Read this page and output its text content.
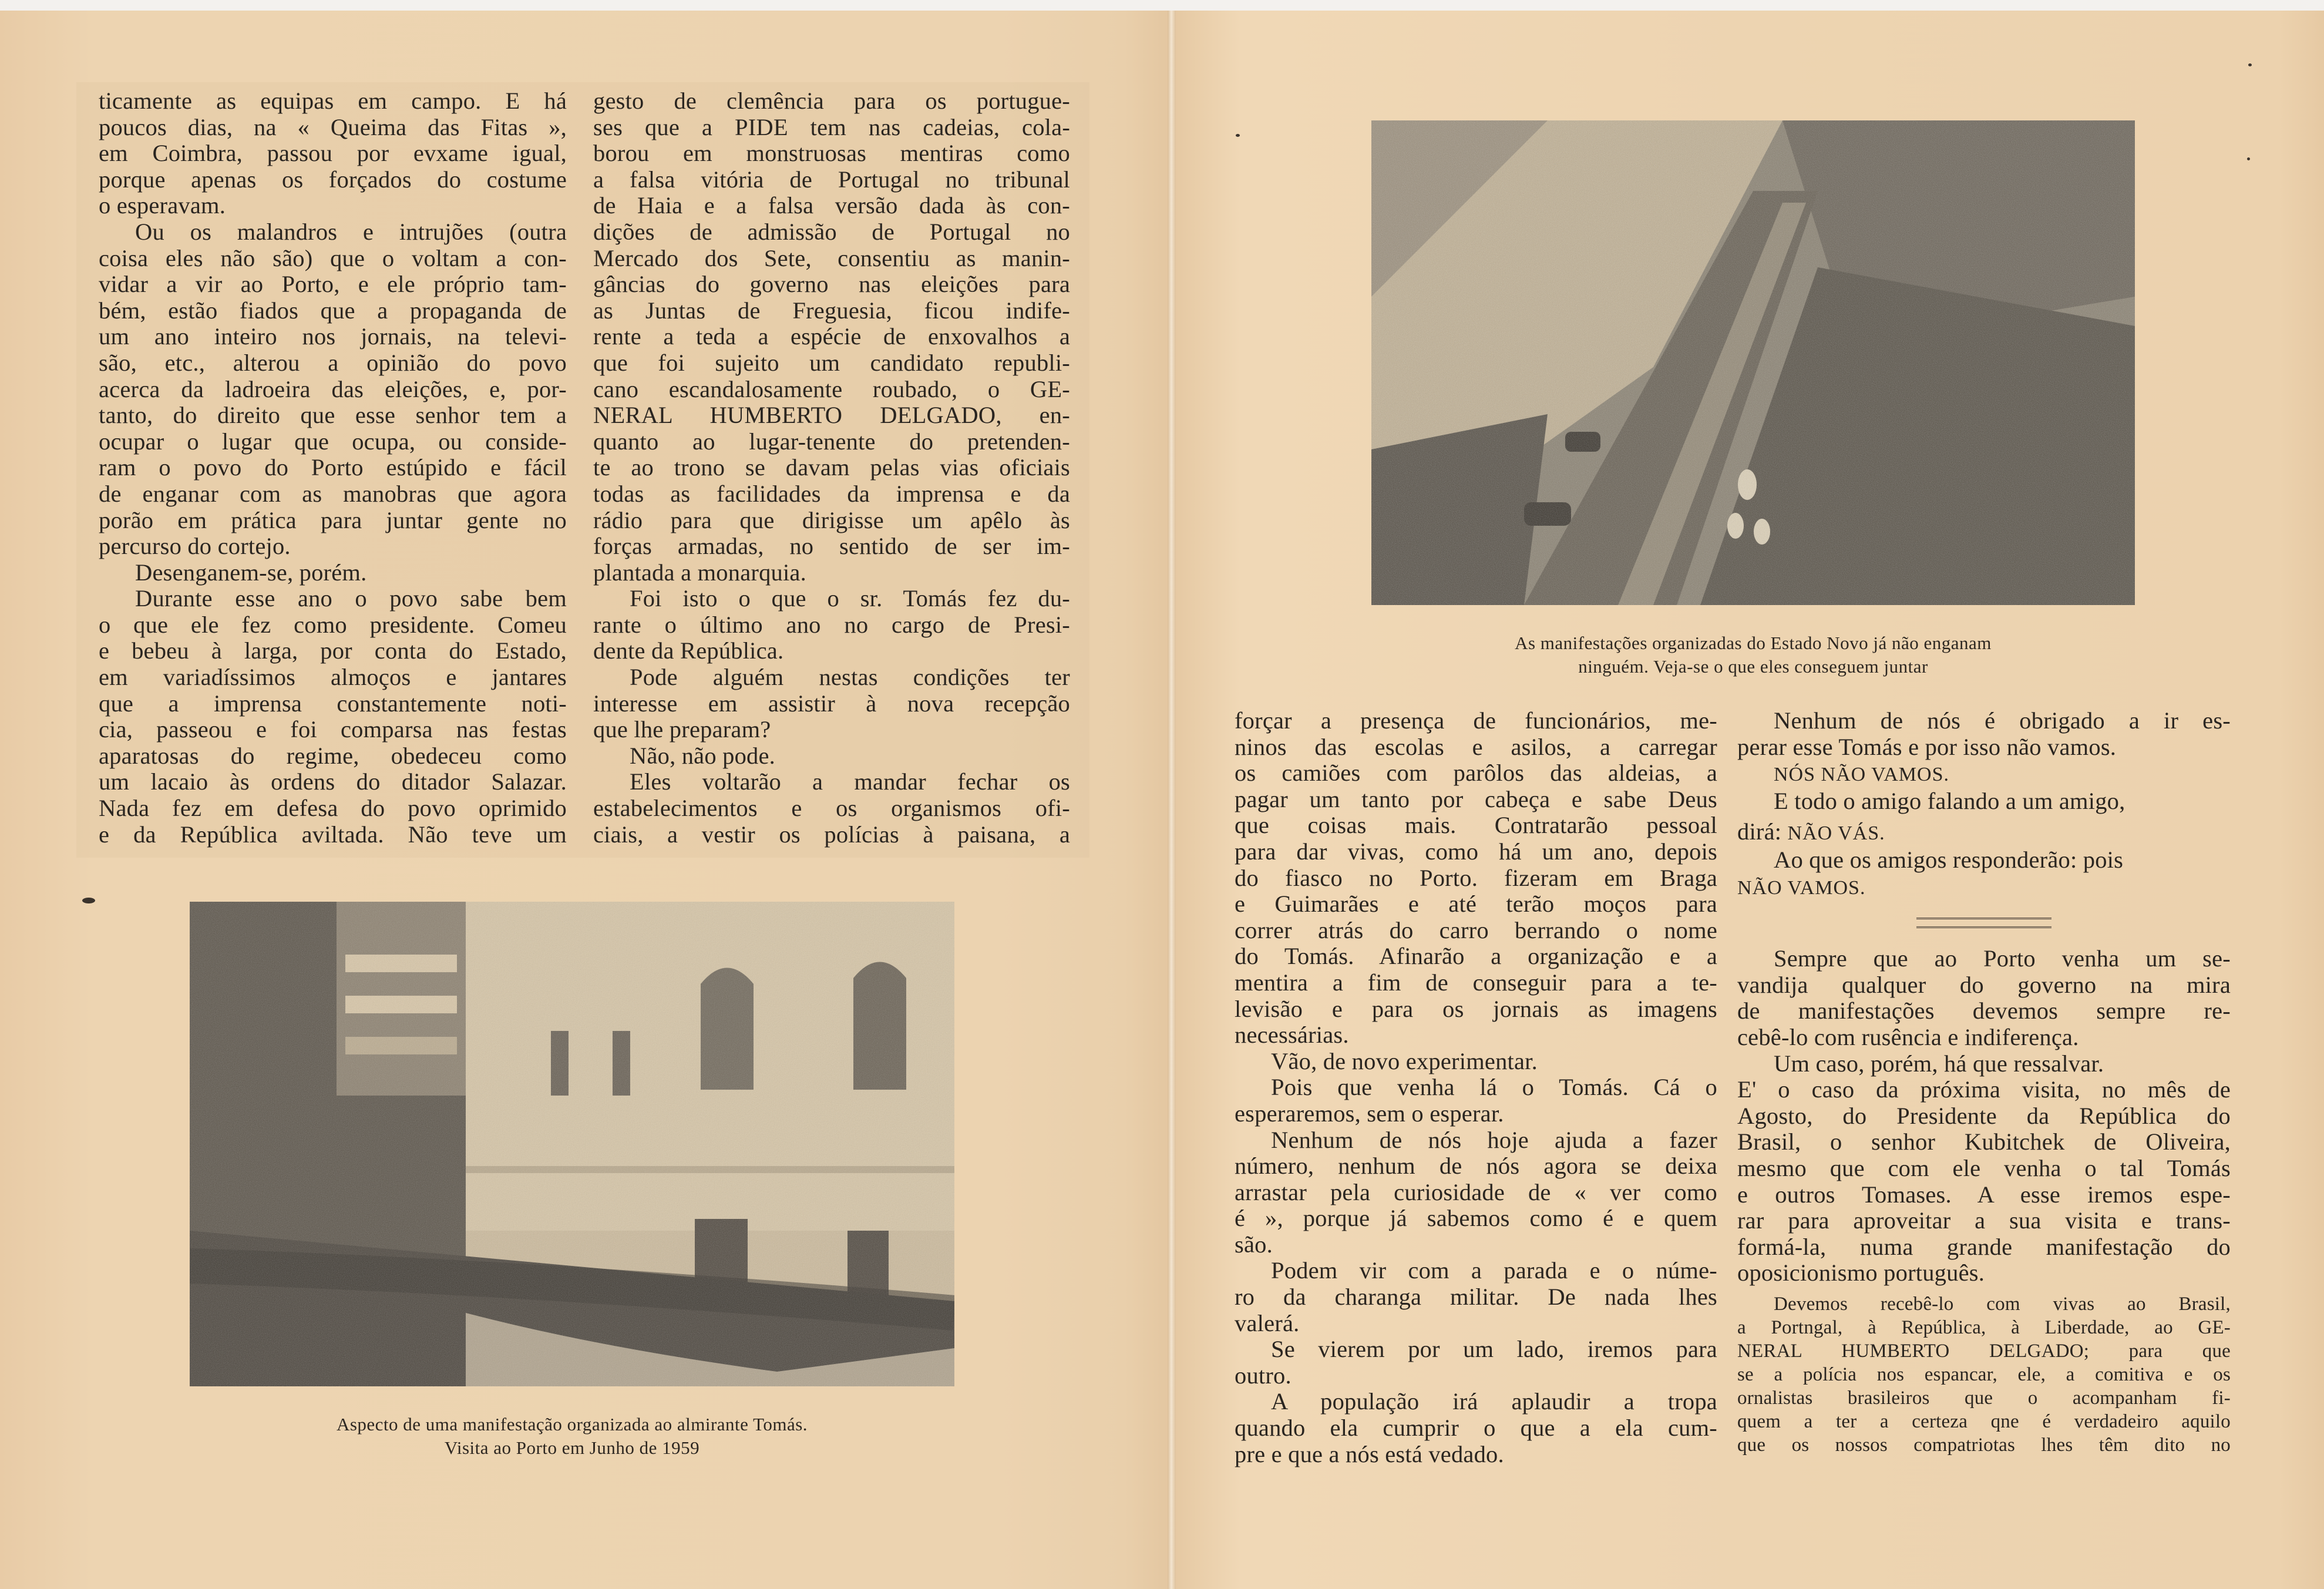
ticamente as equipas em campo. E há
poucos dias, na « Queima das Fitas »,
em Coimbra, passou por evxame igual,
porque apenas os forçados do costume
o esperavam.
Ou os malandros e intrujões (outra
coisa eles não são) que o voltam a con-
vidar a vir ao Porto, e ele próprio tam-
bém, estão fiados que a propaganda de
um ano inteiro nos jornais, na televi-
são, etc., alterou a opinião do povo
acerca da ladroeira das eleições, e, por-
tanto, do direito que esse senhor tem a
ocupar o lugar que ocupa, ou conside-
ram o povo do Porto estúpido e fácil
de enganar com as manobras que agora
porão em prática para juntar gente no
percurso do cortejo.
Desenganem-se, porém.
Durante esse ano o povo sabe bem
o que ele fez como presidente. Comeu
e bebeu à larga, por conta do Estado,
em variadíssimos almoços e jantares
que a imprensa constantemente noti-
cia, passeou e foi comparsa nas festas
aparatosas do regime, obedeceu como
um lacaio às ordens do ditador Salazar.
Nada fez em defesa do povo oprimido
e da República aviltada. Não teve um
gesto de clemência para os portugue-
ses que a PIDE tem nas cadeias, cola-
borou em monstruosas mentiras como
a falsa vitória de Portugal no tribunal
de Haia e a falsa versão dada às con-
dições de admissão de Portugal no
Mercado dos Sete, consentiu as manin-
gâncias do governo nas eleições para
as Juntas de Freguesia, ficou indife-
rente a teda a espécie de enxovalhos a
que foi sujeito um candidato republi-
cano escandalosamente roubado, o GE-
NERAL HUMBERTO DELGADO, en-
quanto ao lugar-tenente do pretenden-
te ao trono se davam pelas vias oficiais
todas as facilidades da imprensa e da
rádio para que dirigisse um apêlo às
forças armadas, no sentido de ser im-
plantada a monarquia.
Foi isto o que o sr. Tomás fez du-
rante o último ano no cargo de Presi-
dente da República.
Pode alguém nestas condições ter
interesse em assistir à nova recepção
que lhe preparam?
Não, não pode.
Eles voltarão a mandar fechar os
estabelecimentos e os organismos ofi-
ciais, a vestir os polícias à paisana, a
Aspecto de uma manifestação organizada ao almirante Tomás.
Visita ao Porto em Junho de 1959
As manifestações organizadas do Estado Novo já não enganam
ninguém. Veja-se o que eles conseguem juntar
forçar a presença de funcionários, me-
ninos das escolas e asilos, a carregar
os camiões com parôlos das aldeias, a
pagar um tanto por cabeça e sabe Deus
que coisas mais. Contratarão pessoal
para dar vivas, como há um ano, depois
do fiasco no Porto. fizeram em Braga
e Guimarães e até terão moços para
correr atrás do carro berrando o nome
do Tomás. Afinarão a organização e a
mentira a fim de conseguir para a te-
levisão e para os jornais as imagens
necessárias.
Vão, de novo experimentar.
Pois que venha lá o Tomás. Cá o
esperaremos, sem o esperar.
Nenhum de nós hoje ajuda a fazer
número, nenhum de nós agora se deixa
arrastar pela curiosidade de « ver como
é », porque já sabemos como é e quem
são.
Podem vir com a parada e o núme-
ro da charanga militar. De nada lhes
valerá.
Se vierem por um lado, iremos para
outro.
A população irá aplaudir a tropa
quando ela cumprir o que a ela cum-
pre e que a nós está vedado.
Nenhum de nós é obrigado a ir es-
perar esse Tomás e por isso não vamos.
NÓS NÃO VAMOS.
E todo o amigo falando a um amigo,
dirá: NÃO VÁS.
Ao que os amigos responderão: pois
NÃO VAMOS.
Sempre que ao Porto venha um se-
vandija qualquer do governo na mira
de manifestações devemos sempre re-
cebê-lo com rusência e indiferença.
Um caso, porém, há que ressalvar.
E' o caso da próxima visita, no mês de
Agosto, do Presidente da República do
Brasil, o senhor Kubitchek de Oliveira,
mesmo que com ele venha o tal Tomás
e outros Tomases. A esse iremos espe-
rar para aproveitar a sua visita e trans-
formá-la, numa grande manifestação do
oposicionismo português.
Devemos recebê-lo com vivas ao Brasil,
a Portngal, à República, à Liberdade, ao GE-
NERAL HUMBERTO DELGADO; para que
se a polícia nos espancar, ele, a comitiva e os
ornalistas brasileiros que o acompanham fi-
quem a ter a certeza qne é verdadeiro aquilo
que os nossos compatriotas lhes têm dito no
